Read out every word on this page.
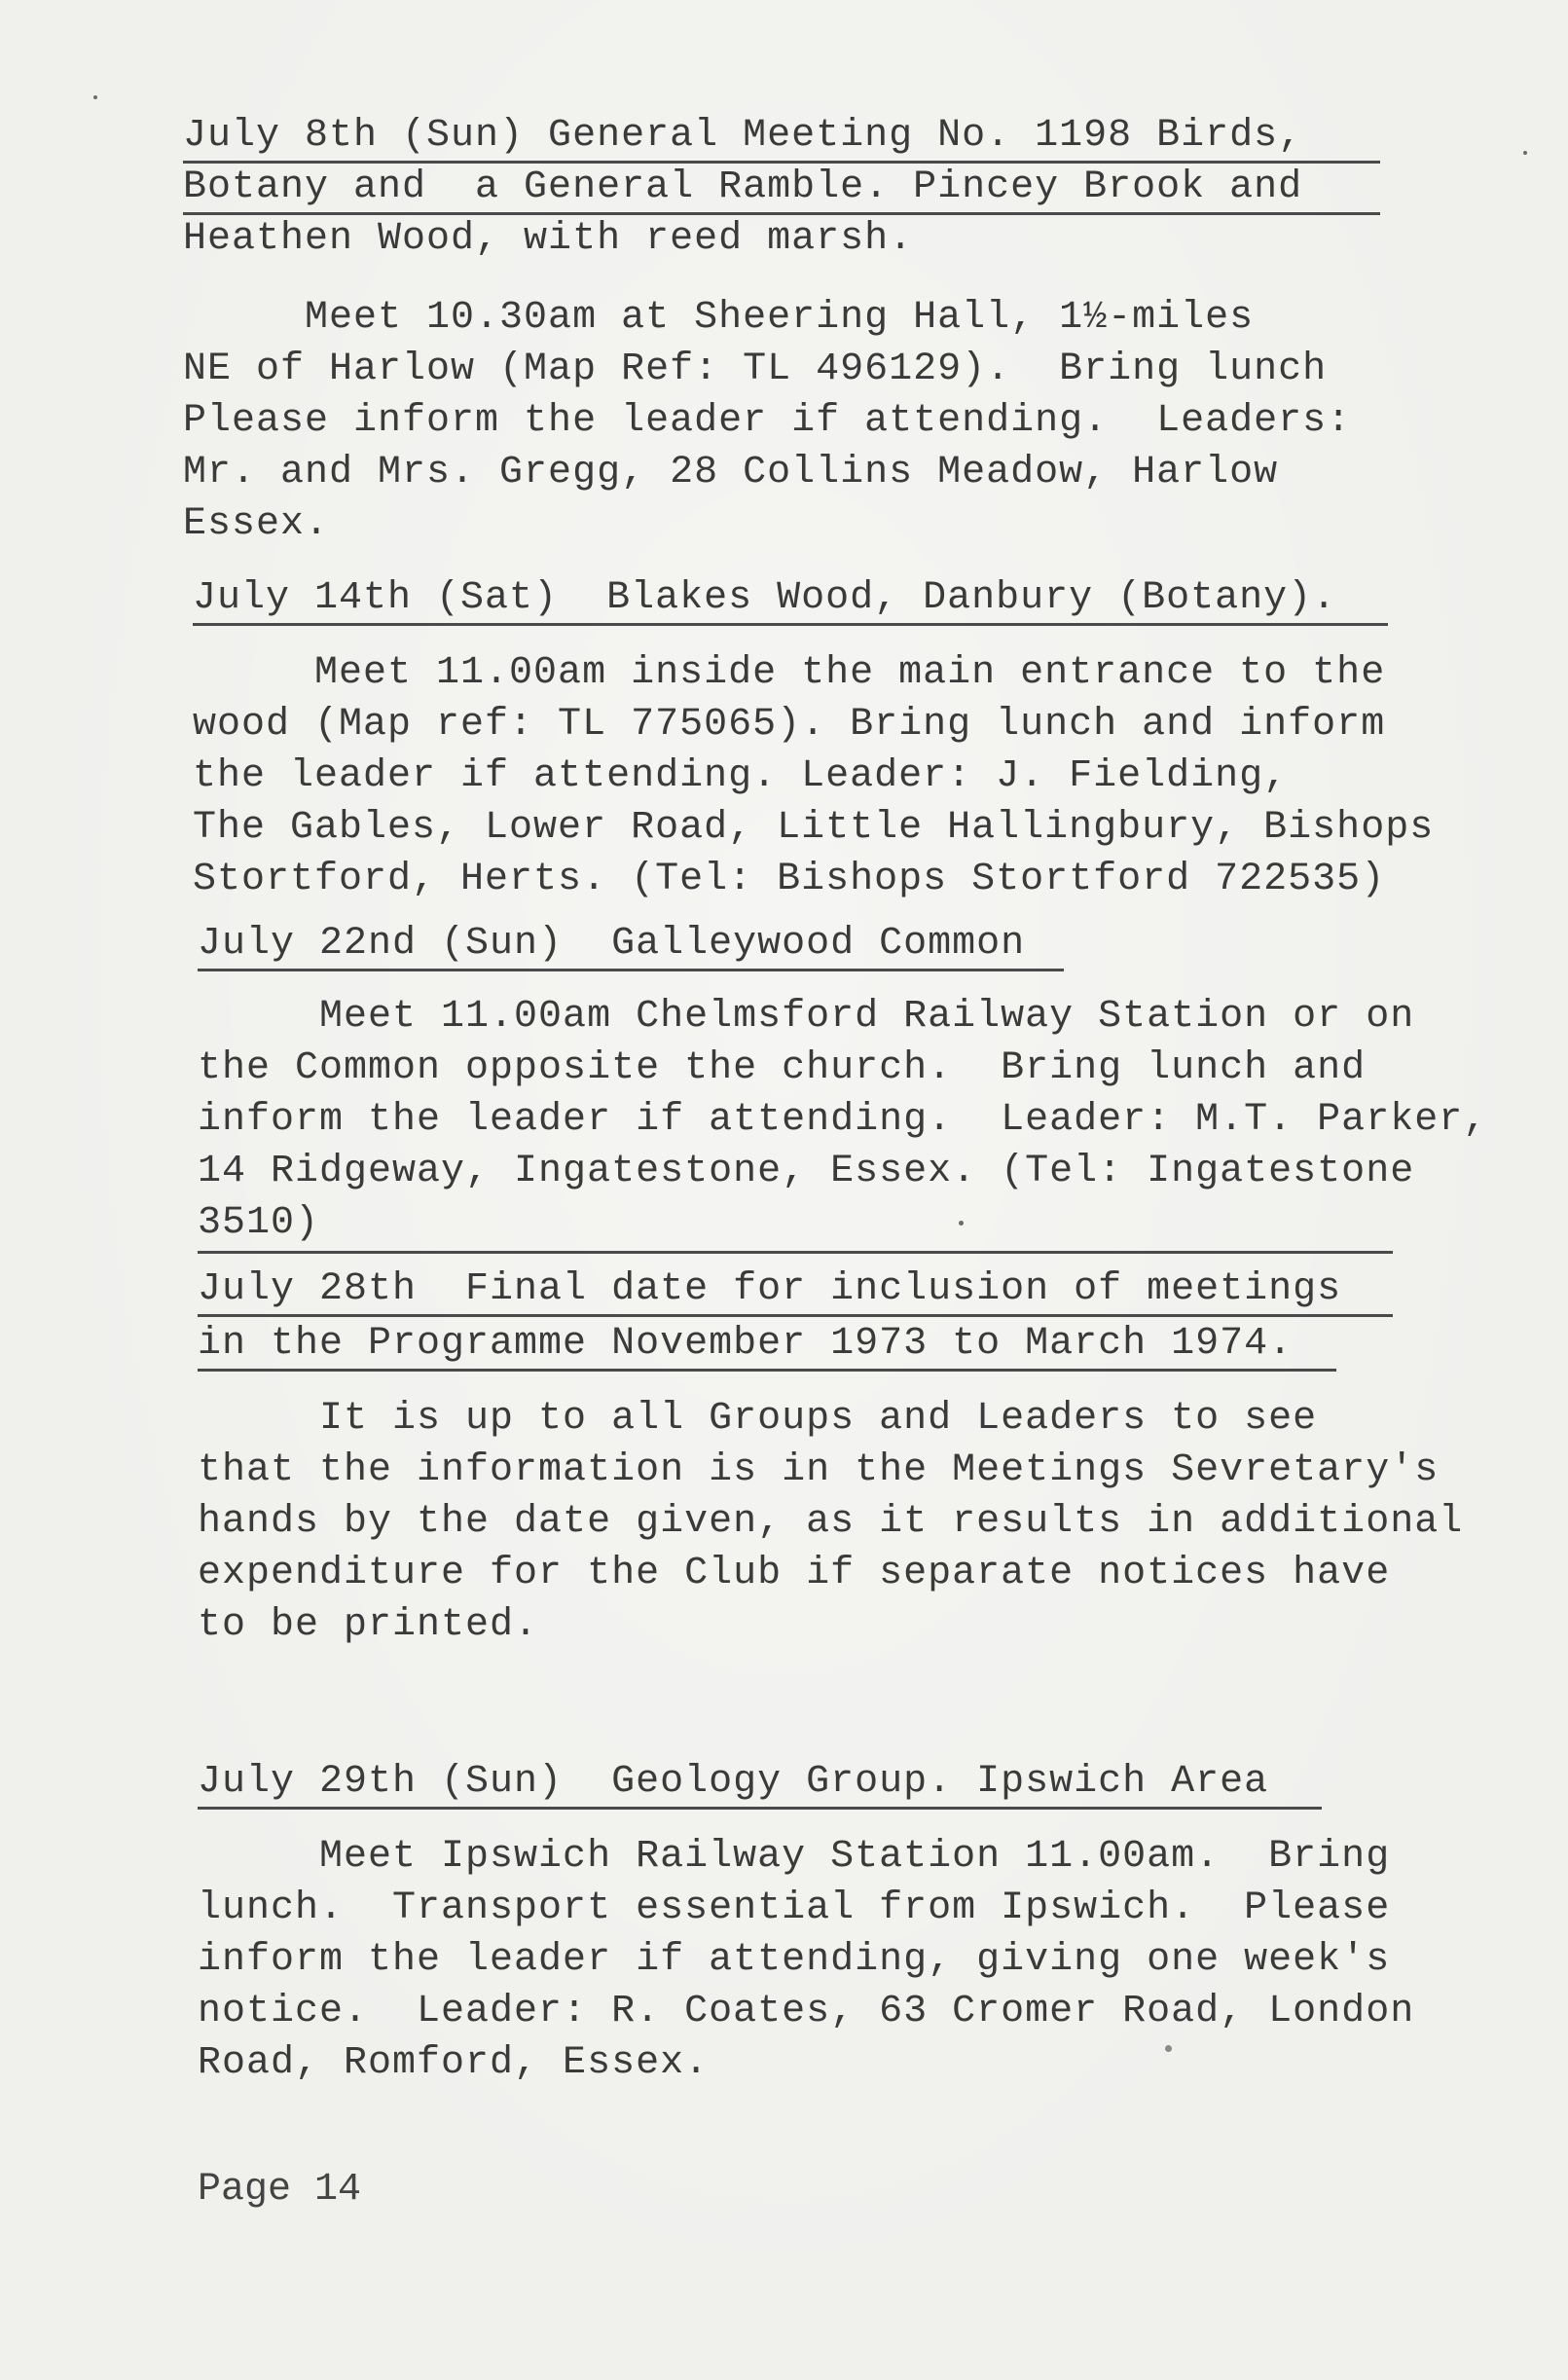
July 8th (Sun) General Meeting No. 1198 Birds,
Botany and  a General Ramble. Pincey Brook and
Heathen Wood, with reed marsh.
Meet 10.30am at Sheering Hall, 1½-miles
NE of Harlow (Map Ref: TL 496129).  Bring lunch
Please inform the leader if attending.  Leaders:
Mr. and Mrs. Gregg, 28 Collins Meadow, Harlow
Essex.
July 14th (Sat)  Blakes Wood, Danbury (Botany).
Meet 11.00am inside the main entrance to the
wood (Map ref: TL 775065). Bring lunch and inform
the leader if attending. Leader: J. Fielding,
The Gables, Lower Road, Little Hallingbury, Bishops
Stortford, Herts. (Tel: Bishops Stortford 722535)
July 22nd (Sun)  Galleywood Common
Meet 11.00am Chelmsford Railway Station or on
the Common opposite the church.  Bring lunch and
inform the leader if attending.  Leader: M.T. Parker,
14 Ridgeway, Ingatestone, Essex. (Tel: Ingatestone
3510)
July 28th  Final date for inclusion of meetings
in the Programme November 1973 to March 1974.
It is up to all Groups and Leaders to see
that the information is in the Meetings Sevretary's
hands by the date given, as it results in additional
expenditure for the Club if separate notices have
to be printed.
July 29th (Sun)  Geology Group. Ipswich Area
Meet Ipswich Railway Station 11.00am.  Bring
lunch.  Transport essential from Ipswich.  Please
inform the leader if attending, giving one week's
notice.  Leader: R. Coates, 63 Cromer Road, London
Road, Romford, Essex.
Page 14
